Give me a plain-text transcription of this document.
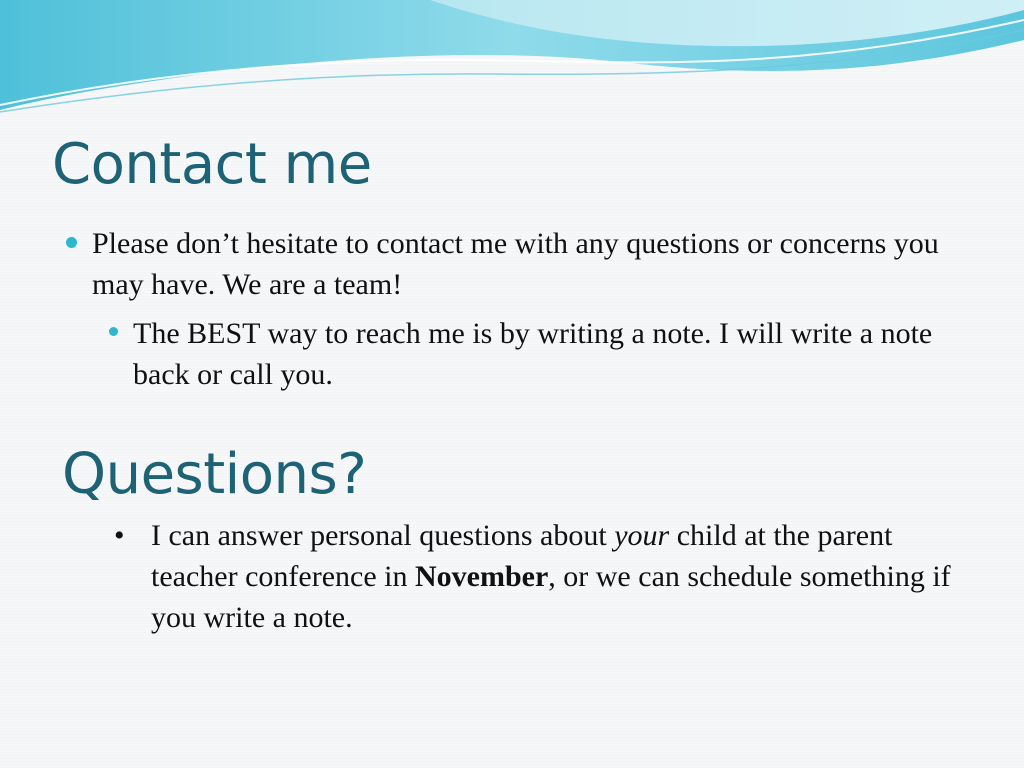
Contact me

Please don’t hesitate to contact me with any questions or concerns you may have. We are a team!

The BEST way to reach me is by writing a note. I will write a note back or call you.

Questions?
• I can answer personal questions about your child at the parent teacher conference in November, or we can schedule something if you write a note.
